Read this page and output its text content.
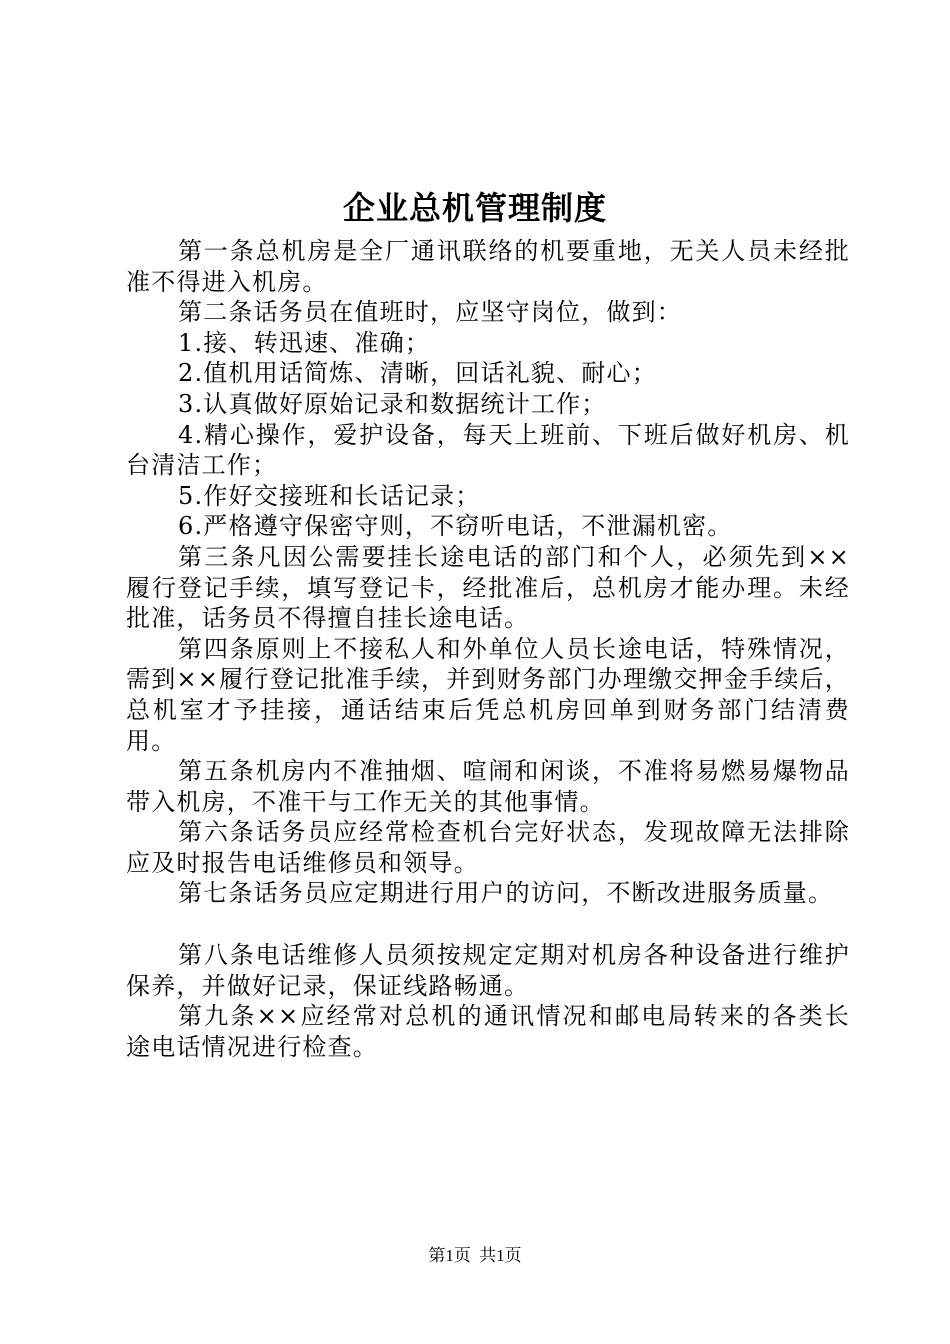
企业总机管理制度

第一条总机房是全厂通讯联络的机要重地，无关人员未经批准不得进入机房。

第二条话务员在值班时，应坚守岗位，做到：

1.接、转迅速、准确；

2.值机用话简炼、清晰，回话礼貌、耐心；

3.认真做好原始记录和数据统计工作；

4.精心操作，爱护设备，每天上班前、下班后做好机房、机台清洁工作；

5.作好交接班和长话记录；

6.严格遵守保密守则，不窃听电话，不泄漏机密。

第三条凡因公需要挂长途电话的部门和个人，必须先到××履行登记手续，填写登记卡，经批准后，总机房才能办理。未经批准，话务员不得擅自挂长途电话。

第四条原则上不接私人和外单位人员长途电话，特殊情况，需到××履行登记批准手续，并到财务部门办理缴交押金手续后，总机室才予挂接，通话结束后凭总机房回单到财务部门结清费用。

第五条机房内不准抽烟、喧闹和闲谈，不准将易燃易爆物品带入机房，不准干与工作无关的其他事情。

第六条话务员应经常检查机台完好状态，发现故障无法排除应及时报告电话维修员和领导。

第七条话务员应定期进行用户的访问，不断改进服务质量。

第八条电话维修人员须按规定定期对机房各种设备进行维护保养，并做好记录，保证线路畅通。

第九条××应经常对总机的通讯情况和邮电局转来的各类长途电话情况进行检查。

第1页 共1页
